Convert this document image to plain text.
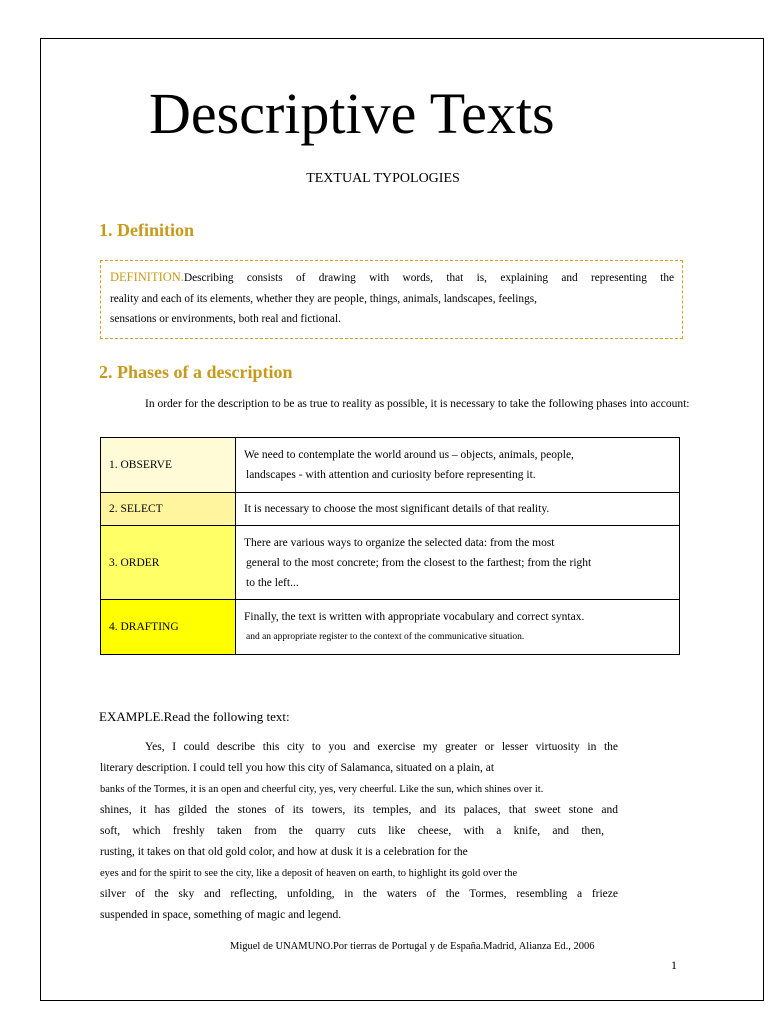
Descriptive Texts
TEXTUAL TYPOLOGIES
1. Definition
DEFINITION.Describing consists of drawing with words, that is, explaining and representing the
reality and each of its elements, whether they are people, things, animals, landscapes, feelings,
sensations or environments, both real and fictional.
2. Phases of a description
In order for the description to be as true to reality as possible, it is necessary to take the following phases into account:
1. OBSERVE	We need to contemplate the world around us – objects, animals, people,
landscapes - with attention and curiosity before representing it.

2. SELECT	It is necessary to choose the most significant details of that reality.

3. ORDER	There are various ways to organize the selected data: from the most
general to the most concrete; from the closest to the farthest; from the right
to the left...

4. DRAFTING	Finally, the text is written with appropriate vocabulary and correct syntax.
and an appropriate register to the context of the communicative situation.
EXAMPLE.Read the following text:
Yes, I could describe this city to you and exercise my greater or lesser virtuosity in the
literary description. I could tell you how this city of Salamanca, situated on a plain, at
banks of the Tormes, it is an open and cheerful city, yes, very cheerful. Like the sun, which shines over it.
shines, it has gilded the stones of its towers, its temples, and its palaces, that sweet stone and
soft, which freshly taken from the quarry cuts like cheese, with a knife, and then,
rusting, it takes on that old gold color, and how at dusk it is a celebration for the
eyes and for the spirit to see the city, like a deposit of heaven on earth, to highlight its gold over the
silver of the sky and reflecting, unfolding, in the waters of the Tormes, resembling a frieze
suspended in space, something of magic and legend.
Miguel de UNAMUNO.Por tierras de Portugal y de España.Madrid, Alianza Ed., 2006
1
